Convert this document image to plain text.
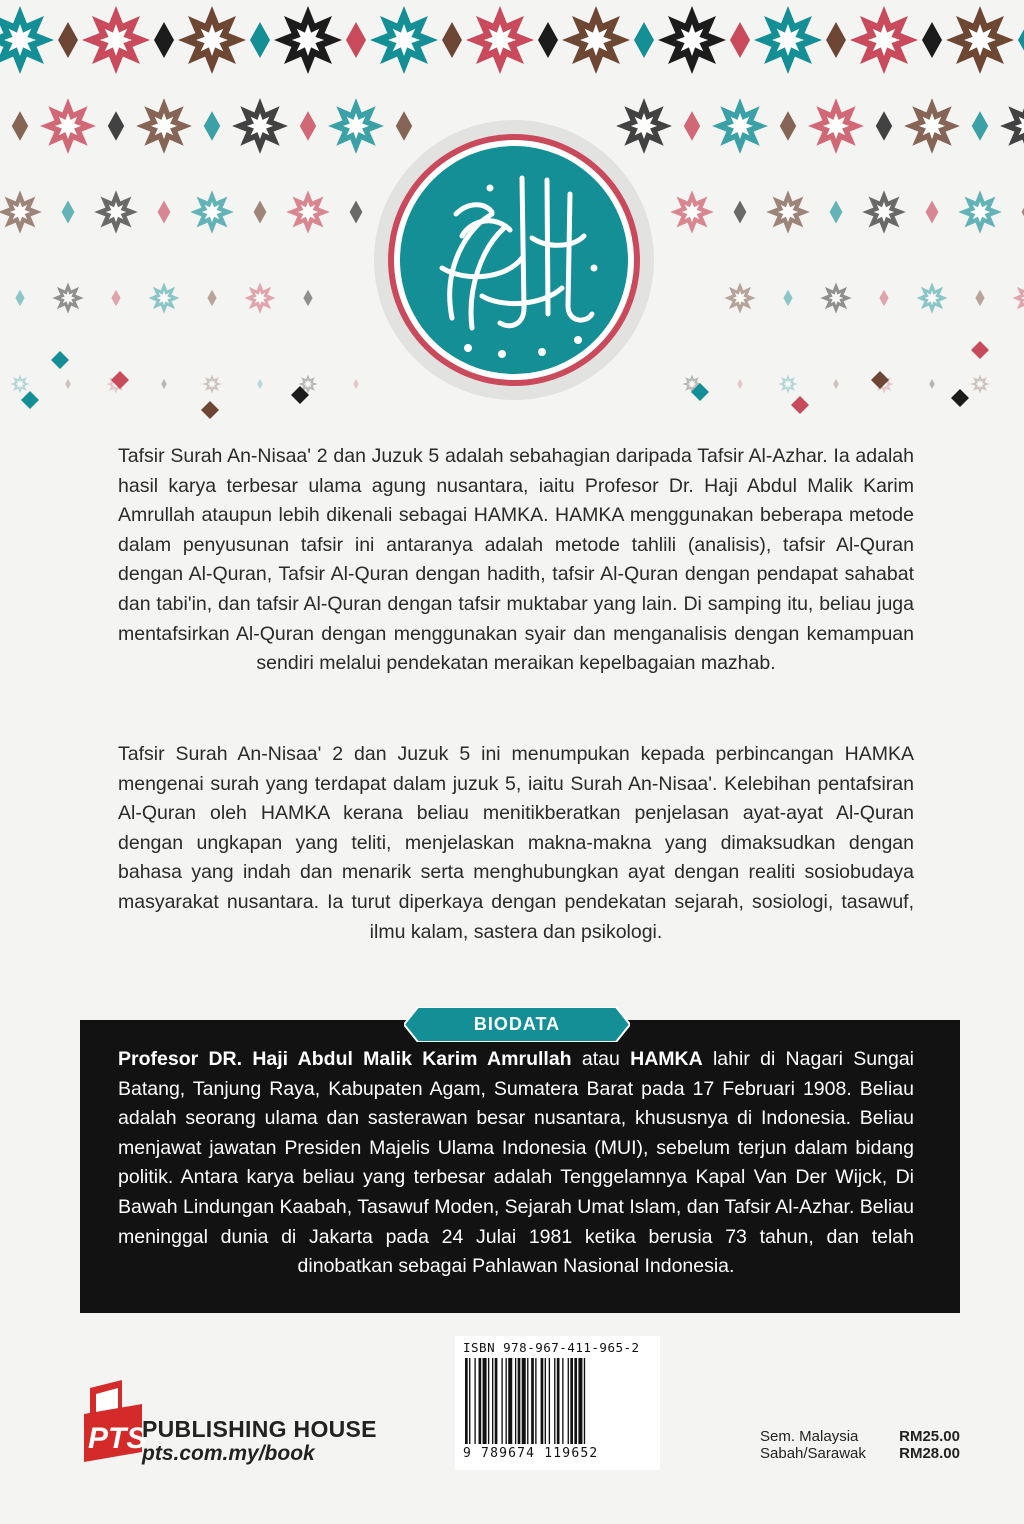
Tafsir Surah An-Nisaa' 2 dan Juzuk 5 adalah sebahagian daripada Tafsir Al-Azhar. Ia adalah hasil karya terbesar ulama agung nusantara, iaitu Profesor Dr. Haji Abdul Malik Karim Amrullah ataupun lebih dikenali sebagai HAMKA. HAMKA menggunakan beberapa metode dalam penyusunan tafsir ini antaranya adalah metode tahlili (analisis), tafsir Al-Quran dengan Al-Quran, Tafsir Al-Quran dengan hadith, tafsir Al-Quran dengan pendapat sahabat dan tabi'in, dan tafsir Al-Quran dengan tafsir muktabar yang lain. Di samping itu, beliau juga mentafsirkan Al-Quran dengan menggunakan syair dan menganalisis dengan kemampuan sendiri melalui pendekatan meraikan kepelbagaian mazhab.
Tafsir Surah An-Nisaa' 2 dan Juzuk 5 ini menumpukan kepada perbincangan HAMKA mengenai surah yang terdapat dalam juzuk 5, iaitu Surah An-Nisaa'. Kelebihan pentafsiran Al-Quran oleh HAMKA kerana beliau menitikberatkan penjelasan ayat-ayat Al-Quran dengan ungkapan yang teliti, menjelaskan makna-makna yang dimaksudkan dengan bahasa yang indah dan menarik serta menghubungkan ayat dengan realiti sosiobudaya masyarakat nusantara. Ia turut diperkaya dengan pendekatan sejarah, sosiologi, tasawuf, ilmu kalam, sastera dan psikologi.
BIODATA
Profesor DR. Haji Abdul Malik Karim Amrullah atau HAMKA lahir di Nagari Sungai Batang, Tanjung Raya, Kabupaten Agam, Sumatera Barat pada 17 Februari 1908. Beliau adalah seorang ulama dan sasterawan besar nusantara, khususnya di Indonesia. Beliau menjawat jawatan Presiden Majelis Ulama Indonesia (MUI), sebelum terjun dalam bidang politik. Antara karya beliau yang terbesar adalah Tenggelamnya Kapal Van Der Wijck, Di Bawah Lindungan Kaabah, Tasawuf Moden, Sejarah Umat Islam, dan Tafsir Al-Azhar. Beliau meninggal dunia di Jakarta pada 24 Julai 1981 ketika berusia 73 tahun, dan telah dinobatkan sebagai Pahlawan Nasional Indonesia.
ISBN 978-967-411-965-2
9 789674 119652
PTS
PUBLISHING HOUSE
pts.com.my/book
Sem. Malaysia	RM25.00
Sabah/Sarawak RM28.00
